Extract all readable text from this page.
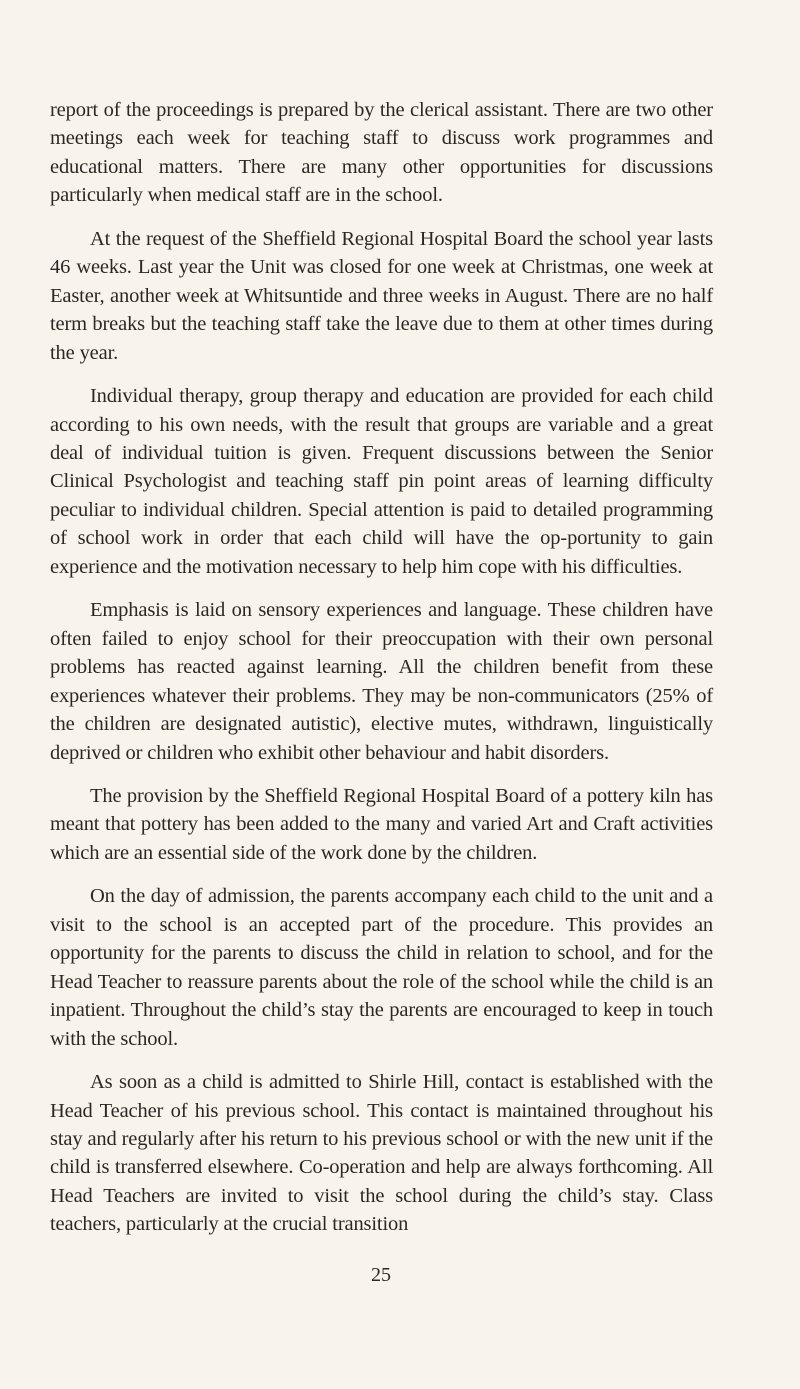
report of the proceedings is prepared by the clerical assistant. There are two other meetings each week for teaching staff to discuss work programmes and educational matters. There are many other opportunities for discussions particularly when medical staff are in the school.

At the request of the Sheffield Regional Hospital Board the school year lasts 46 weeks. Last year the Unit was closed for one week at Christmas, one week at Easter, another week at Whitsuntide and three weeks in August. There are no half term breaks but the teaching staff take the leave due to them at other times during the year.

Individual therapy, group therapy and education are provided for each child according to his own needs, with the result that groups are variable and a great deal of individual tuition is given. Frequent discussions between the Senior Clinical Psychologist and teaching staff pin point areas of learning difficulty peculiar to individual children. Special attention is paid to detailed programming of school work in order that each child will have the op-portunity to gain experience and the motivation necessary to help him cope with his difficulties.

Emphasis is laid on sensory experiences and language. These children have often failed to enjoy school for their preoccupation with their own personal problems has reacted against learning. All the children benefit from these experiences whatever their problems. They may be non-communicators (25% of the children are designated autistic), elective mutes, withdrawn, linguistically deprived or children who exhibit other behaviour and habit disorders.

The provision by the Sheffield Regional Hospital Board of a pottery kiln has meant that pottery has been added to the many and varied Art and Craft activities which are an essential side of the work done by the children.

On the day of admission, the parents accompany each child to the unit and a visit to the school is an accepted part of the procedure. This provides an opportunity for the parents to discuss the child in relation to school, and for the Head Teacher to reassure parents about the role of the school while the child is an inpatient. Throughout the child’s stay the parents are encouraged to keep in touch with the school.

As soon as a child is admitted to Shirle Hill, contact is established with the Head Teacher of his previous school. This contact is maintained throughout his stay and regularly after his return to his previous school or with the new unit if the child is transferred elsewhere. Co-operation and help are always forthcoming. All Head Teachers are invited to visit the school during the child’s stay. Class teachers, particularly at the crucial transition

25
